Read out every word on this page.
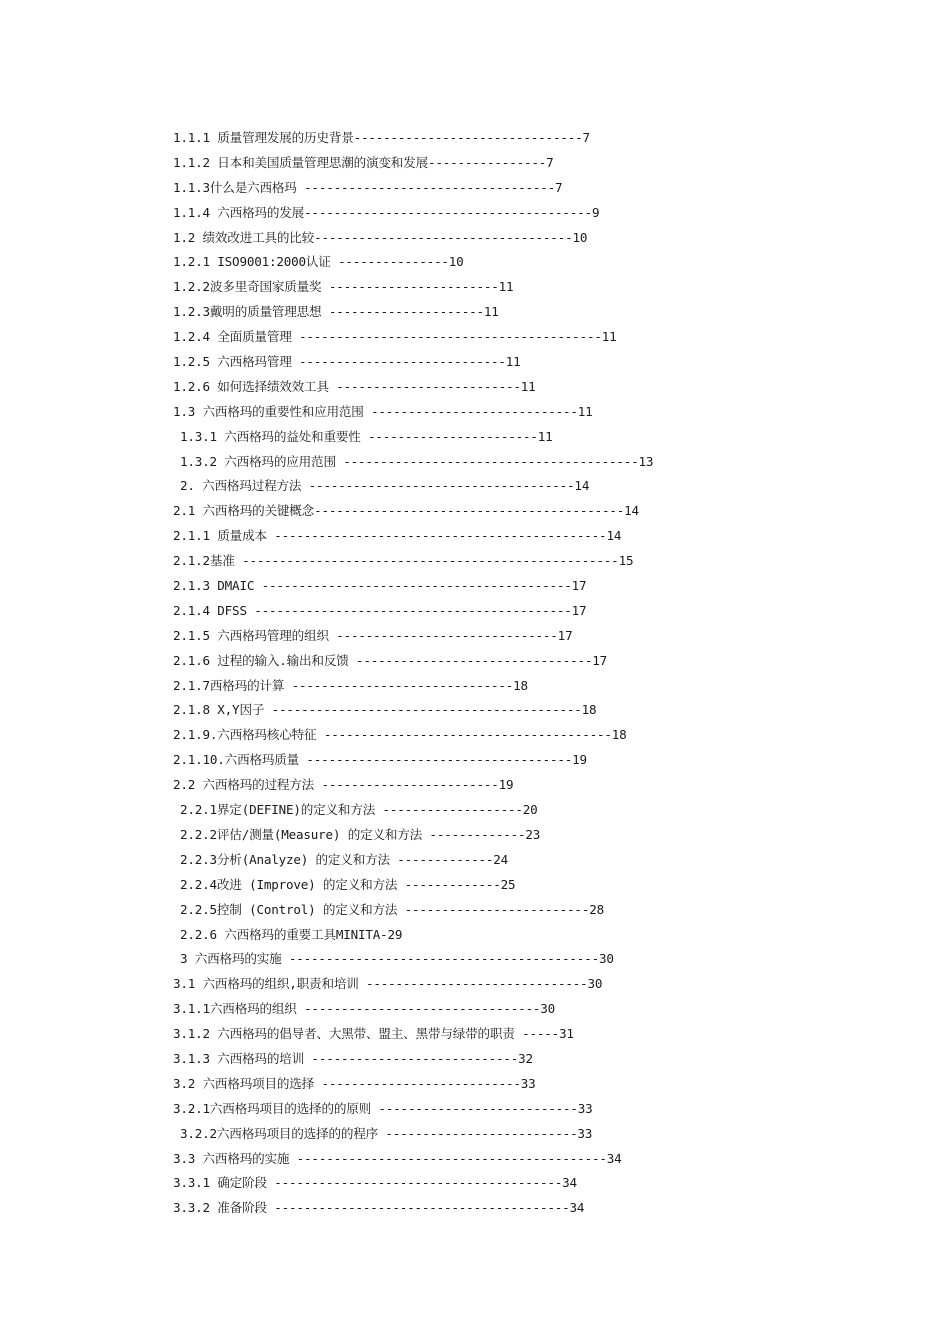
1.1.1 质量管理发展的历史背景-------------------------------7
1.1.2 日本和美国质量管理思潮的演变和发展----------------7
1.1.3什么是六西格玛 ----------------------------------7
1.1.4 六西格玛的发展---------------------------------------9
1.2 绩效改进工具的比较-----------------------------------10
1.2.1 ISO9001:2000认证 ---------------10
1.2.2波多里奇国家质量奖 -----------------------11
1.2.3戴明的质量管理思想 ---------------------11
1.2.4 全面质量管理 -----------------------------------------11
1.2.5 六西格玛管理 ----------------------------11
1.2.6 如何选择绩效效工具 -------------------------11
1.3 六西格玛的重要性和应用范围 ----------------------------11
1.3.1 六西格玛的益处和重要性 -----------------------11
1.3.2 六西格玛的应用范围 ----------------------------------------13
2. 六西格玛过程方法 ------------------------------------14
2.1 六西格玛的关键概念------------------------------------------14
2.1.1 质量成本 ---------------------------------------------14
2.1.2基准 ---------------------------------------------------15
2.1.3 DMAIC ------------------------------------------17
2.1.4 DFSS -------------------------------------------17
2.1.5 六西格玛管理的组织 ------------------------------17
2.1.6 过程的输入.输出和反馈 --------------------------------17
2.1.7西格玛的计算 ------------------------------18
2.1.8 X,Y因子 ------------------------------------------18
2.1.9.六西格玛核心特征 ---------------------------------------18
2.1.10.六西格玛质量 ------------------------------------19
2.2 六西格玛的过程方法 ------------------------19
2.2.1界定(DEFINE)的定义和方法 -------------------20
2.2.2评估/测量(Measure) 的定义和方法 -------------23
2.2.3分析(Analyze) 的定义和方法 -------------24
2.2.4改进 (Improve) 的定义和方法 -------------25
2.2.5控制 (Control) 的定义和方法 -------------------------28
2.2.6 六西格玛的重要工具MINITA-29
3 六西格玛的实施 ------------------------------------------30
3.1 六西格玛的组织,职责和培训 ------------------------------30
3.1.1六西格玛的组织 --------------------------------30
3.1.2 六西格玛的倡导者、大黑带、盟主、黑带与绿带的职责 -----31
3.1.3 六西格玛的培训 ----------------------------32
3.2 六西格玛项目的选择 ---------------------------33
3.2.1六西格玛项目的选择的的原则 ---------------------------33
3.2.2六西格玛项目的选择的的程序 --------------------------33
3.3 六西格玛的实施 ------------------------------------------34
3.3.1 确定阶段 ---------------------------------------34
3.3.2 准备阶段 ----------------------------------------34
